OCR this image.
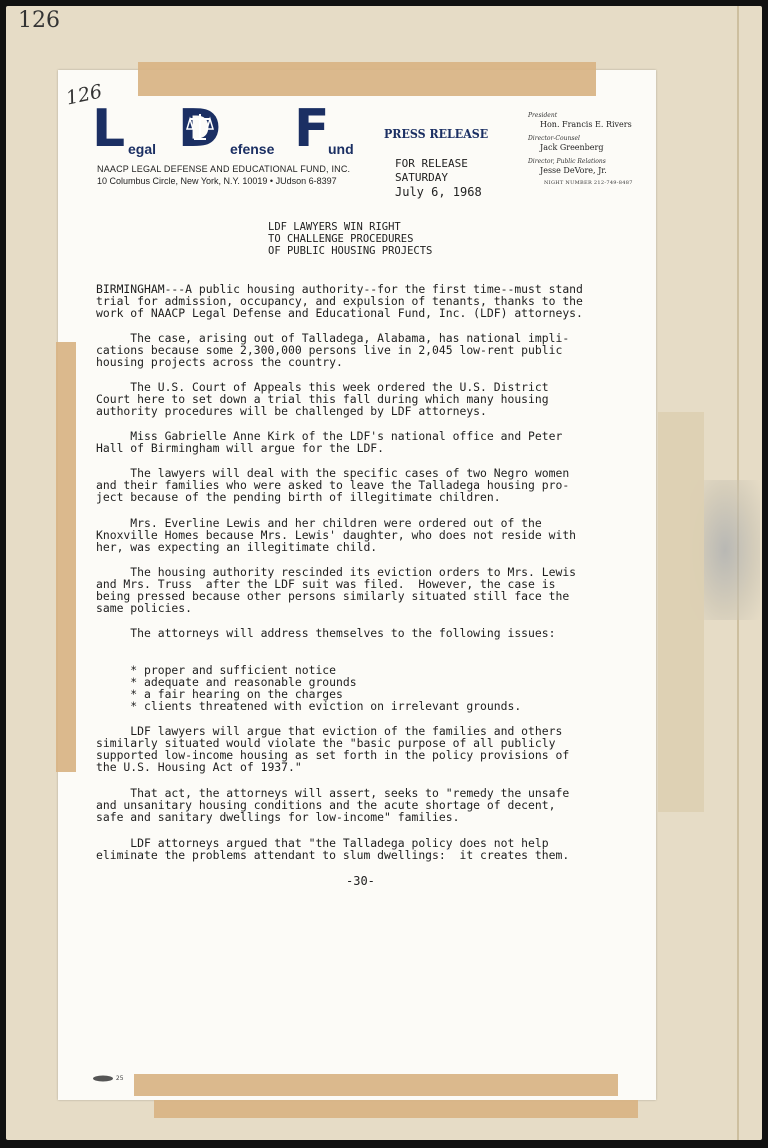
126
126
L egal D efense F
und
NAACP LEGAL DEFENSE AND EDUCATIONAL FUND, INC.
10 Columbus Circle, New York, N.Y. 10019 • JUdson 6-8397
PRESS RELEASE
FOR RELEASE
SATURDAY
July 6, 1968
President
Hon. Francis E. Rivers
Director-Counsel
Jack Greenberg
Director, Public Relations
Jesse DeVore, Jr.
NIGHT NUMBER 212-749-8487
LDF LAWYERS WIN RIGHT
TO CHALLENGE PROCEDURES
OF PUBLIC HOUSING PROJECTS
BIRMINGHAM---A public housing authority--for the first time--must stand
trial for admission, occupancy, and expulsion of tenants, thanks to the
work of NAACP Legal Defense and Educational Fund, Inc. (LDF) attorneys.
The case, arising out of Talladega, Alabama, has national impli-
cations because some 2,300,000 persons live in 2,045 low-rent public
housing projects across the country.
The U.S. Court of Appeals this week ordered the U.S. District
Court here to set down a trial this fall during which many housing
authority procedures will be challenged by LDF attorneys.
Miss Gabrielle Anne Kirk of the LDF's national office and Peter
Hall of Birmingham will argue for the LDF.
The lawyers will deal with the specific cases of two Negro women
and their families who were asked to leave the Talladega housing pro-
ject because of the pending birth of illegitimate children.
Mrs. Everline Lewis and her children were ordered out of the
Knoxville Homes because Mrs. Lewis' daughter, who does not reside with
her, was expecting an illegitimate child.
The housing authority rescinded its eviction orders to Mrs. Lewis
and Mrs. Truss  after the LDF suit was filed.  However, the case is
being pressed because other persons similarly situated still face the
same policies.
The attorneys will address themselves to the following issues:
* proper and sufficient notice
* adequate and reasonable grounds
* a fair hearing on the charges
* clients threatened with eviction on irrelevant grounds.
LDF lawyers will argue that eviction of the families and others
similarly situated would violate the "basic purpose of all publicly
supported low-income housing as set forth in the policy provisions of
the U.S. Housing Act of 1937."
That act, the attorneys will assert, seeks to "remedy the unsafe
and unsanitary housing conditions and the acute shortage of decent,
safe and sanitary dwellings for low-income" families.
LDF attorneys argued that "the Talladega policy does not help
eliminate the problems attendant to slum dwellings:  it creates them.
-30-
25
